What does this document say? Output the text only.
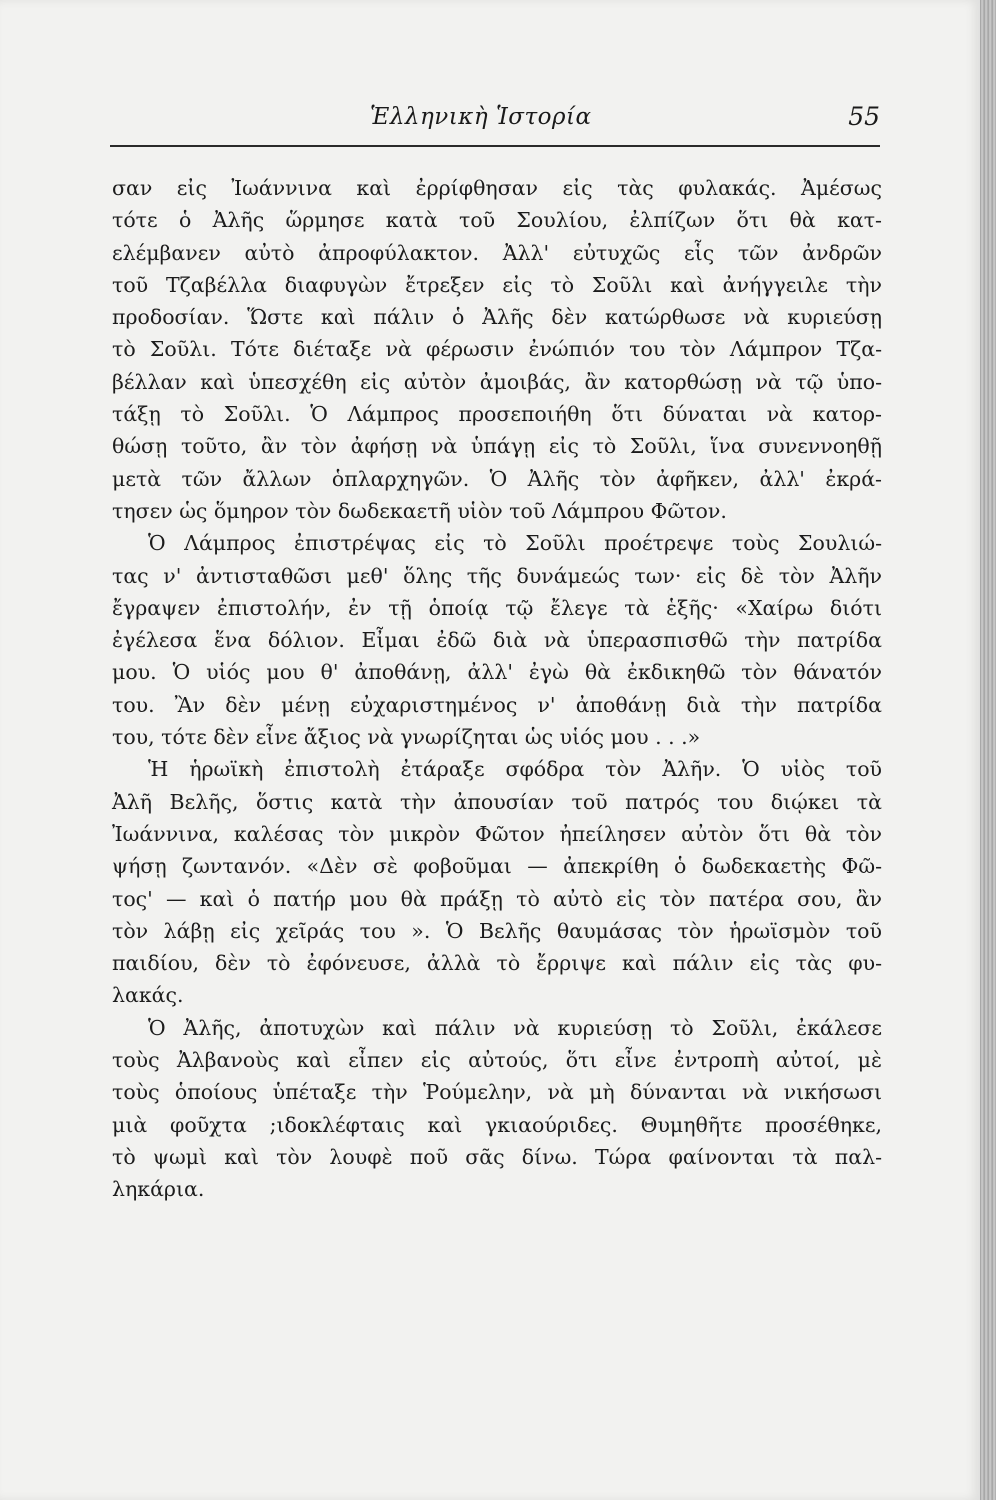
Ἑλληνικὴ Ἱστορία	55
σαν εἰς Ἰωάννινα καὶ ἐρρίφθησαν εἰς τὰς φυλακάς. Ἀμέσως
τότε ὁ Ἀλῆς ὥρμησε κατὰ τοῦ Σουλίου, ἐλπίζων ὅτι θὰ κατ-
ελέμβανεν αὐτὸ ἀπροφύλακτον. Ἀλλ' εὐτυχῶς εἷς τῶν ἀνδρῶν
τοῦ Τζαβέλλα διαφυγὼν ἔτρεξεν εἰς τὸ Σοῦλι καὶ ἀνήγγειλε τὴν
προδοσίαν. Ὥστε καὶ πάλιν ὁ Ἀλῆς δὲν κατώρθωσε νὰ κυριεύσῃ
τὸ Σοῦλι. Τότε διέταξε νὰ φέρωσιν ἐνώπιόν του τὸν Λάμπρον Τζα-
βέλλαν καὶ ὑπεσχέθη εἰς αὐτὸν ἀμοιβάς, ἂν κατορθώσῃ νὰ τῷ ὑπο-
τάξῃ τὸ Σοῦλι. Ὁ Λάμπρος προσεποιήθη ὅτι δύναται νὰ κατορ-
θώσῃ τοῦτο, ἂν τὸν ἀφήσῃ νὰ ὑπάγῃ εἰς τὸ Σοῦλι, ἵνα συνεννοηθῇ
μετὰ τῶν ἄλλων ὁπλαρχηγῶν. Ὁ Ἀλῆς τὸν ἀφῆκεν, ἀλλ' ἐκρά-
τησεν ὡς ὅμηρον τὸν δωδεκαετῆ υἱὸν τοῦ Λάμπρου Φῶτον.
Ὁ Λάμπρος ἐπιστρέψας εἰς τὸ Σοῦλι προέτρεψε τοὺς Σουλιώ-
τας ν' ἀντισταθῶσι μεθ' ὅλης τῆς δυνάμεώς των· εἰς δὲ τὸν Ἀλῆν
ἔγραψεν ἐπιστολήν, ἐν τῇ ὁποίᾳ τῷ ἔλεγε τὰ ἑξῆς· «Χαίρω διότι
ἐγέλεσα ἕνα δόλιον. Εἶμαι ἐδῶ διὰ νὰ ὑπερασπισθῶ τὴν πατρίδα
μου. Ὁ υἱός μου θ' ἀποθάνῃ, ἀλλ' ἐγὼ θὰ ἐκδικηθῶ τὸν θάνατόν
του. Ἂν δὲν μένῃ εὐχαριστημένος ν' ἀποθάνῃ διὰ τὴν πατρίδα
του, τότε δὲν εἶνε ἄξιος νὰ γνωρίζηται ὡς υἱός μου . . .»
Ἡ ἡρωϊκὴ ἐπιστολὴ ἐτάραξε σφόδρα τὸν Ἀλῆν. Ὁ υἱὸς τοῦ
Ἀλῆ Βελῆς, ὅστις κατὰ τὴν ἀπουσίαν τοῦ πατρός του διῴκει τὰ
Ἰωάννινα, καλέσας τὸν μικρὸν Φῶτον ἠπείλησεν αὐτὸν ὅτι θὰ τὸν
ψήσῃ ζωντανόν. «Δὲν σὲ φοβοῦμαι — ἀπεκρίθη ὁ δωδεκαετὴς Φῶ-
τος' — καὶ ὁ πατήρ μου θὰ πράξῃ τὸ αὐτὸ εἰς τὸν πατέρα σου, ἂν
τὸν λάβῃ εἰς χεῖράς του ». Ὁ Βελῆς θαυμάσας τὸν ἡρωϊσμὸν τοῦ
παιδίου, δὲν τὸ ἐφόνευσε, ἀλλὰ τὸ ἔρριψε καὶ πάλιν εἰς τὰς φυ-
λακάς.
Ὁ Ἀλῆς, ἀποτυχὼν καὶ πάλιν νὰ κυριεύσῃ τὸ Σοῦλι, ἐκάλεσε
τοὺς Ἀλβανοὺς καὶ εἶπεν εἰς αὐτούς, ὅτι εἶνε ἐντροπὴ αὐτοί, μὲ
τοὺς ὁποίους ὑπέταξε τὴν Ῥούμελην, νὰ μὴ δύνανται νὰ νικήσωσι
μιὰ φοῦχτα ;ιδοκλέφταις καὶ γκιαούριδες. Θυμηθῆτε προσέθηκε,
τὸ ψωμὶ καὶ τὸν λουφὲ ποῦ σᾶς δίνω. Τώρα φαίνονται τὰ παλ-
ληκάρια.
